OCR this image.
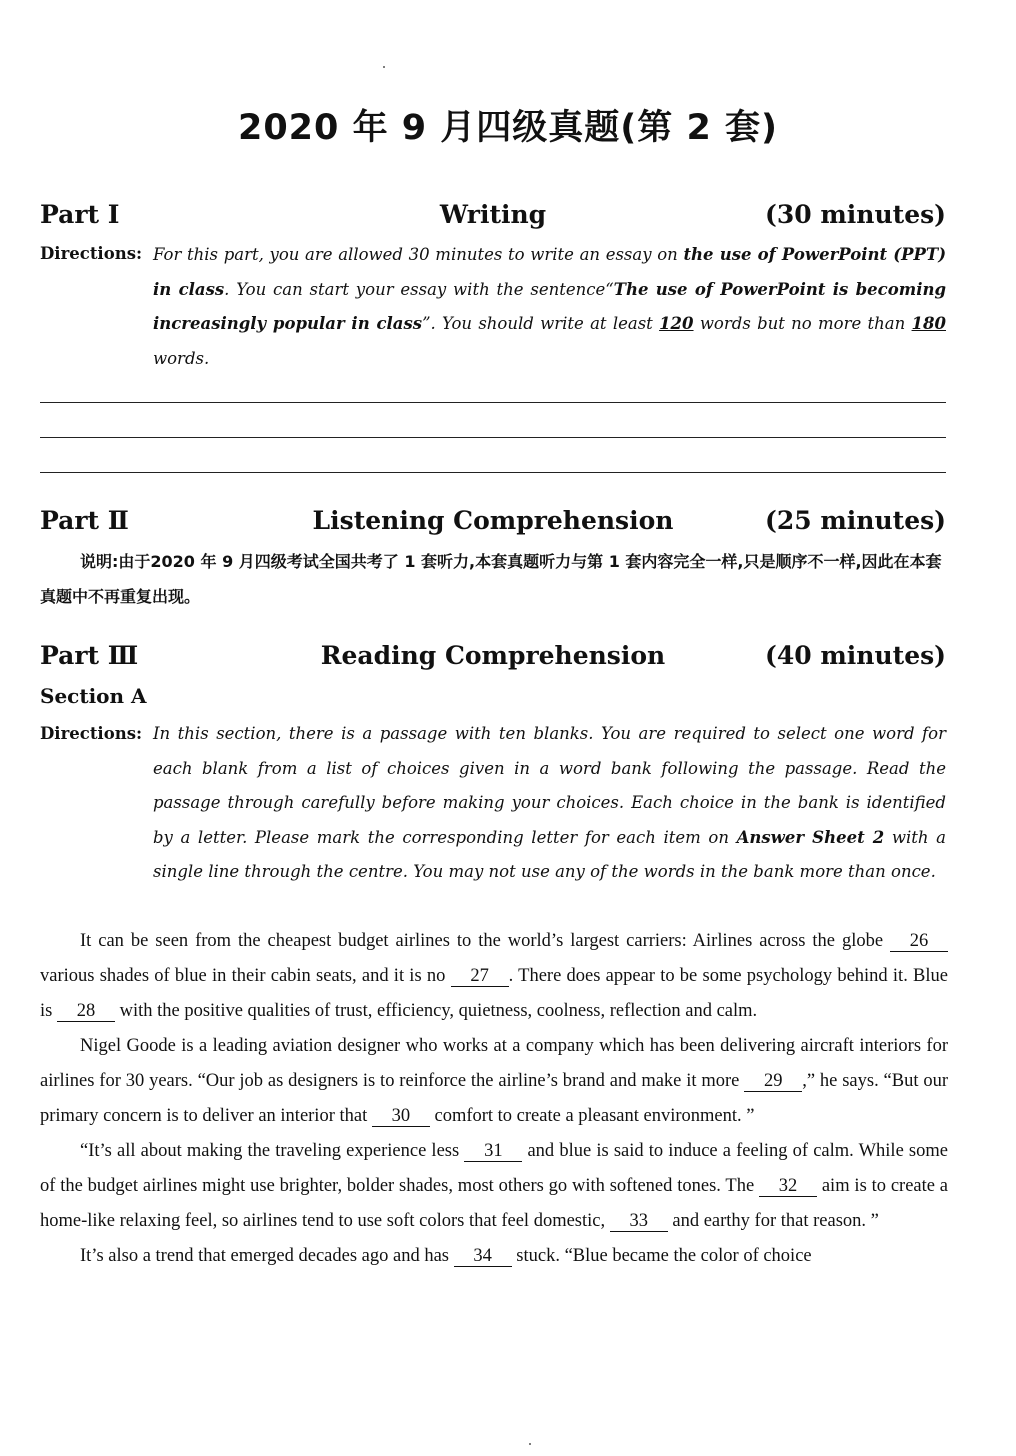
2020 年 9 月四级真题(第 2 套)
Part Ⅰ	Writing	(30 minutes)
Directions: For this part, you are allowed 30 minutes to write an essay on the use of PowerPoint (PPT) in class. You can start your essay with the sentence“The use of PowerPoint is becoming increasingly popular in class”. You should write at least 120 words but no more than 180 words.
Part Ⅱ	Listening Comprehension	(25 minutes)
说明:由于2020 年 9 月四级考试全国共考了 1 套听力,本套真题听力与第 1 套内容完全一样,只是顺序不一样,因此在本套真题中不再重复出现。
Part Ⅲ	Reading Comprehension	(40 minutes)
Section A
Directions: In this section, there is a passage with ten blanks. You are required to select one word for each blank from a list of choices given in a word bank following the passage. Read the passage through carefully before making your choices. Each choice in the bank is identified by a letter. Please mark the corresponding letter for each item on Answer Sheet 2 with a single line through the centre. You may not use any of the words in the bank more than once.

It can be seen from the cheapest budget airlines to the world’s largest carriers: Airlines across the globe 26 various shades of blue in their cabin seats, and it is no 27 . There does appear to be some psychology behind it. Blue is 28 with the positive qualities of trust, efficiency, quietness, coolness, reflection and calm.

Nigel Goode is a leading aviation designer who works at a company which has been delivering aircraft interiors for airlines for 30 years. “Our job as designers is to reinforce the airline’s brand and make it more 29 ,” he says. “But our primary concern is to deliver an interior that 30 comfort to create a pleasant environment. ”

“It’s all about making the traveling experience less 31 and blue is said to induce a feeling of calm. While some of the budget airlines might use brighter, bolder shades, most others go with softened tones. The 32 aim is to create a home-like relaxing feel, so airlines tend to use soft colors that feel domestic, 33 and earthy for that reason. ”

It’s also a trend that emerged decades ago and has 34 stuck. “Blue became the color of choice
